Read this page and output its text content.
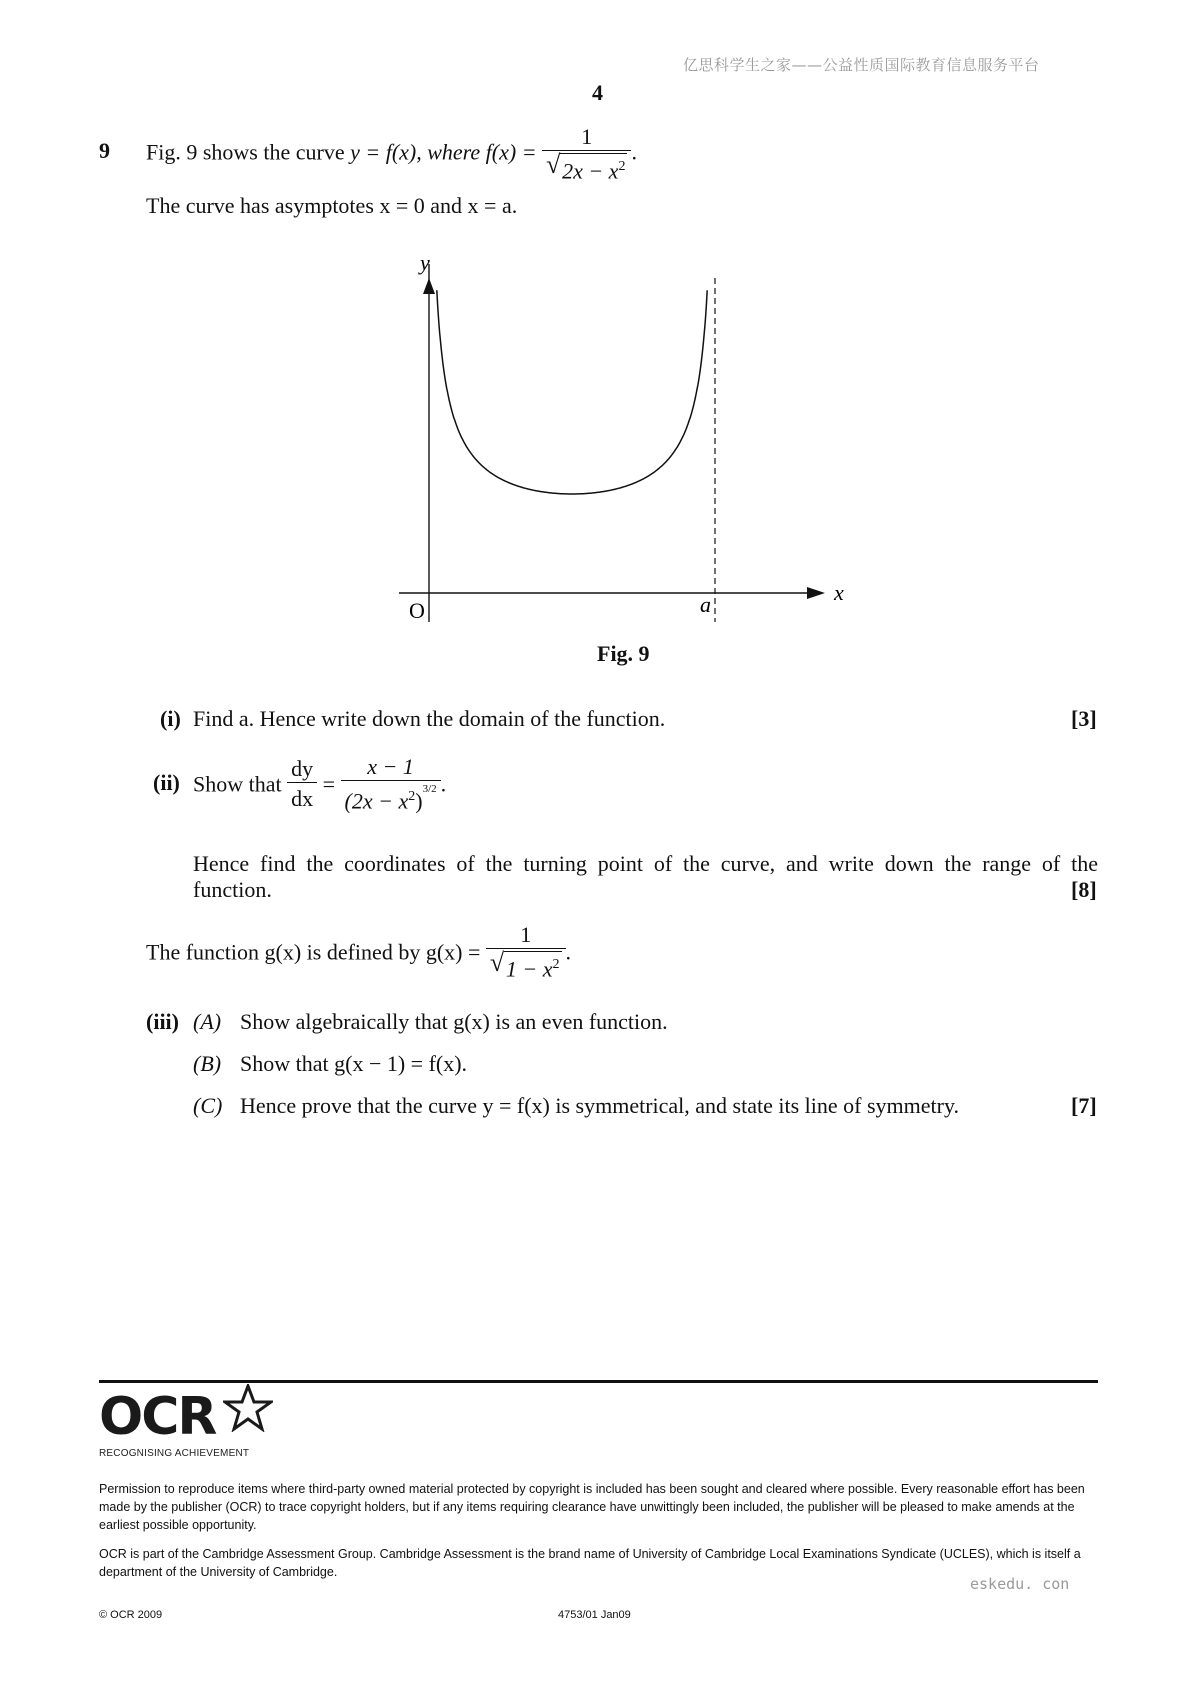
亿思科学生之家——公益性质国际教育信息服务平台
4
9 Fig. 9 shows the curve y = f(x), where $f(x) = \frac{1}{√ 2x - x^2}$ .
The curve has asymptotes x = 0 and x = a.
y
x
O	a
Fig. 9
(i) Find a. Hence write down the domain of the function.	[3]
(ii) Show that $\frac{dy}{dx} = \frac{x - 1}{(2x - x^2)^{3/2}}$ .
Hence find the coordinates of the turning point of the curve, and write down the range of the
function.	[8]
The function g(x) is defined by $g(x) = \frac{1}{√ 1 - x^2}$ .
(iii) (A) Show algebraically that g(x) is an even function.
(B) Show that g(x − 1) = f(x).
(C) Hence prove that the curve y = f(x) is symmetrical, and state its line of symmetry.	[7]
OCR
RECOGNISING ACHIEVEMENT
Permission to reproduce items where third-party owned material protected by copyright is included has been sought and cleared where possible. Every reasonable effort has been made by the publisher (OCR) to trace copyright holders, but if any items requiring clearance have unwittingly been included, the publisher will be pleased to make amends at the earliest possible opportunity.
OCR is part of the Cambridge Assessment Group. Cambridge Assessment is the brand name of University of Cambridge Local Examinations Syndicate (UCLES), which is itself a department of the University of Cambridge.
eskedu. con
© OCR 2009	4753/01 Jan09
